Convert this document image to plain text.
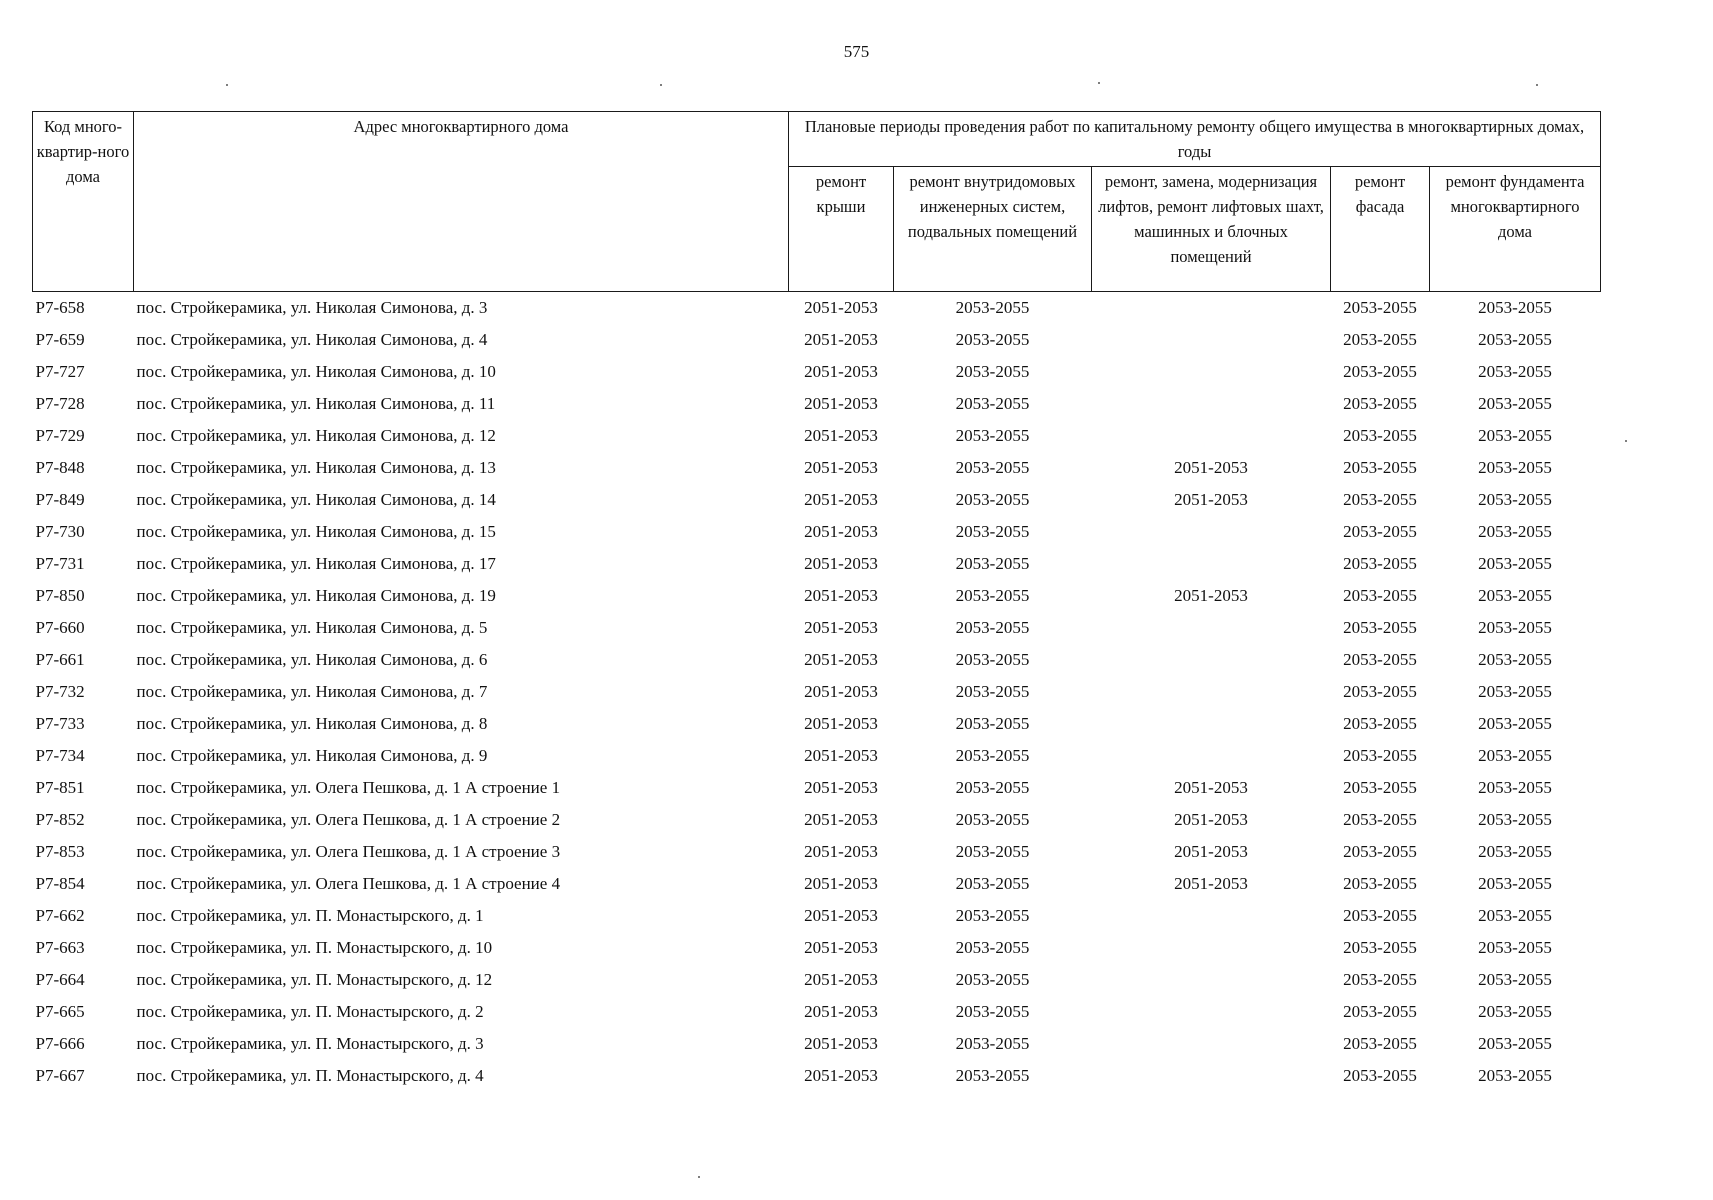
575
Код много-квартир-ного дома	Адрес многоквартирного дома	Плановые периоды проведения работ по капитальному ремонту общего имущества в многоквартирных домах, годы				
		ремонт крыши	ремонт внутридомовых инженерных систем, подвальных помещений	ремонт, замена, модернизация лифтов, ремонт лифтовых шахт, машинных и блочных помещений	ремонт фасада	ремонт фундамента многоквартирного дома
Р7-658	пос. Стройкерамика, ул. Николая Симонова, д. 3	2051-2053	2053-2055		2053-2055	2053-2055
Р7-659	пос. Стройкерамика, ул. Николая Симонова, д. 4	2051-2053	2053-2055		2053-2055	2053-2055
Р7-727	пос. Стройкерамика, ул. Николая Симонова, д. 10	2051-2053	2053-2055		2053-2055	2053-2055
Р7-728	пос. Стройкерамика, ул. Николая Симонова, д. 11	2051-2053	2053-2055		2053-2055	2053-2055
Р7-729	пос. Стройкерамика, ул. Николая Симонова, д. 12	2051-2053	2053-2055		2053-2055	2053-2055
Р7-848	пос. Стройкерамика, ул. Николая Симонова, д. 13	2051-2053	2053-2055	2051-2053	2053-2055	2053-2055
Р7-849	пос. Стройкерамика, ул. Николая Симонова, д. 14	2051-2053	2053-2055	2051-2053	2053-2055	2053-2055
Р7-730	пос. Стройкерамика, ул. Николая Симонова, д. 15	2051-2053	2053-2055		2053-2055	2053-2055
Р7-731	пос. Стройкерамика, ул. Николая Симонова, д. 17	2051-2053	2053-2055		2053-2055	2053-2055
Р7-850	пос. Стройкерамика, ул. Николая Симонова, д. 19	2051-2053	2053-2055	2051-2053	2053-2055	2053-2055
Р7-660	пос. Стройкерамика, ул. Николая Симонова, д. 5	2051-2053	2053-2055		2053-2055	2053-2055
Р7-661	пос. Стройкерамика, ул. Николая Симонова, д. 6	2051-2053	2053-2055		2053-2055	2053-2055
Р7-732	пос. Стройкерамика, ул. Николая Симонова, д. 7	2051-2053	2053-2055		2053-2055	2053-2055
Р7-733	пос. Стройкерамика, ул. Николая Симонова, д. 8	2051-2053	2053-2055		2053-2055	2053-2055
Р7-734	пос. Стройкерамика, ул. Николая Симонова, д. 9	2051-2053	2053-2055		2053-2055	2053-2055
Р7-851	пос. Стройкерамика, ул. Олега Пешкова, д. 1 А строение 1	2051-2053	2053-2055	2051-2053	2053-2055	2053-2055
Р7-852	пос. Стройкерамика, ул. Олега Пешкова, д. 1 А строение 2	2051-2053	2053-2055	2051-2053	2053-2055	2053-2055
Р7-853	пос. Стройкерамика, ул. Олега Пешкова, д. 1 А строение 3	2051-2053	2053-2055	2051-2053	2053-2055	2053-2055
Р7-854	пос. Стройкерамика, ул. Олега Пешкова, д. 1 А строение 4	2051-2053	2053-2055	2051-2053	2053-2055	2053-2055
Р7-662	пос. Стройкерамика, ул. П. Монастырского, д. 1	2051-2053	2053-2055		2053-2055	2053-2055
Р7-663	пос. Стройкерамика, ул. П. Монастырского, д. 10	2051-2053	2053-2055		2053-2055	2053-2055
Р7-664	пос. Стройкерамика, ул. П. Монастырского, д. 12	2051-2053	2053-2055		2053-2055	2053-2055
Р7-665	пос. Стройкерамика, ул. П. Монастырского, д. 2	2051-2053	2053-2055		2053-2055	2053-2055
Р7-666	пос. Стройкерамика, ул. П. Монастырского, д. 3	2051-2053	2053-2055		2053-2055	2053-2055
Р7-667	пос. Стройкерамика, ул. П. Монастырского, д. 4	2051-2053	2053-2055		2053-2055	2053-2055
